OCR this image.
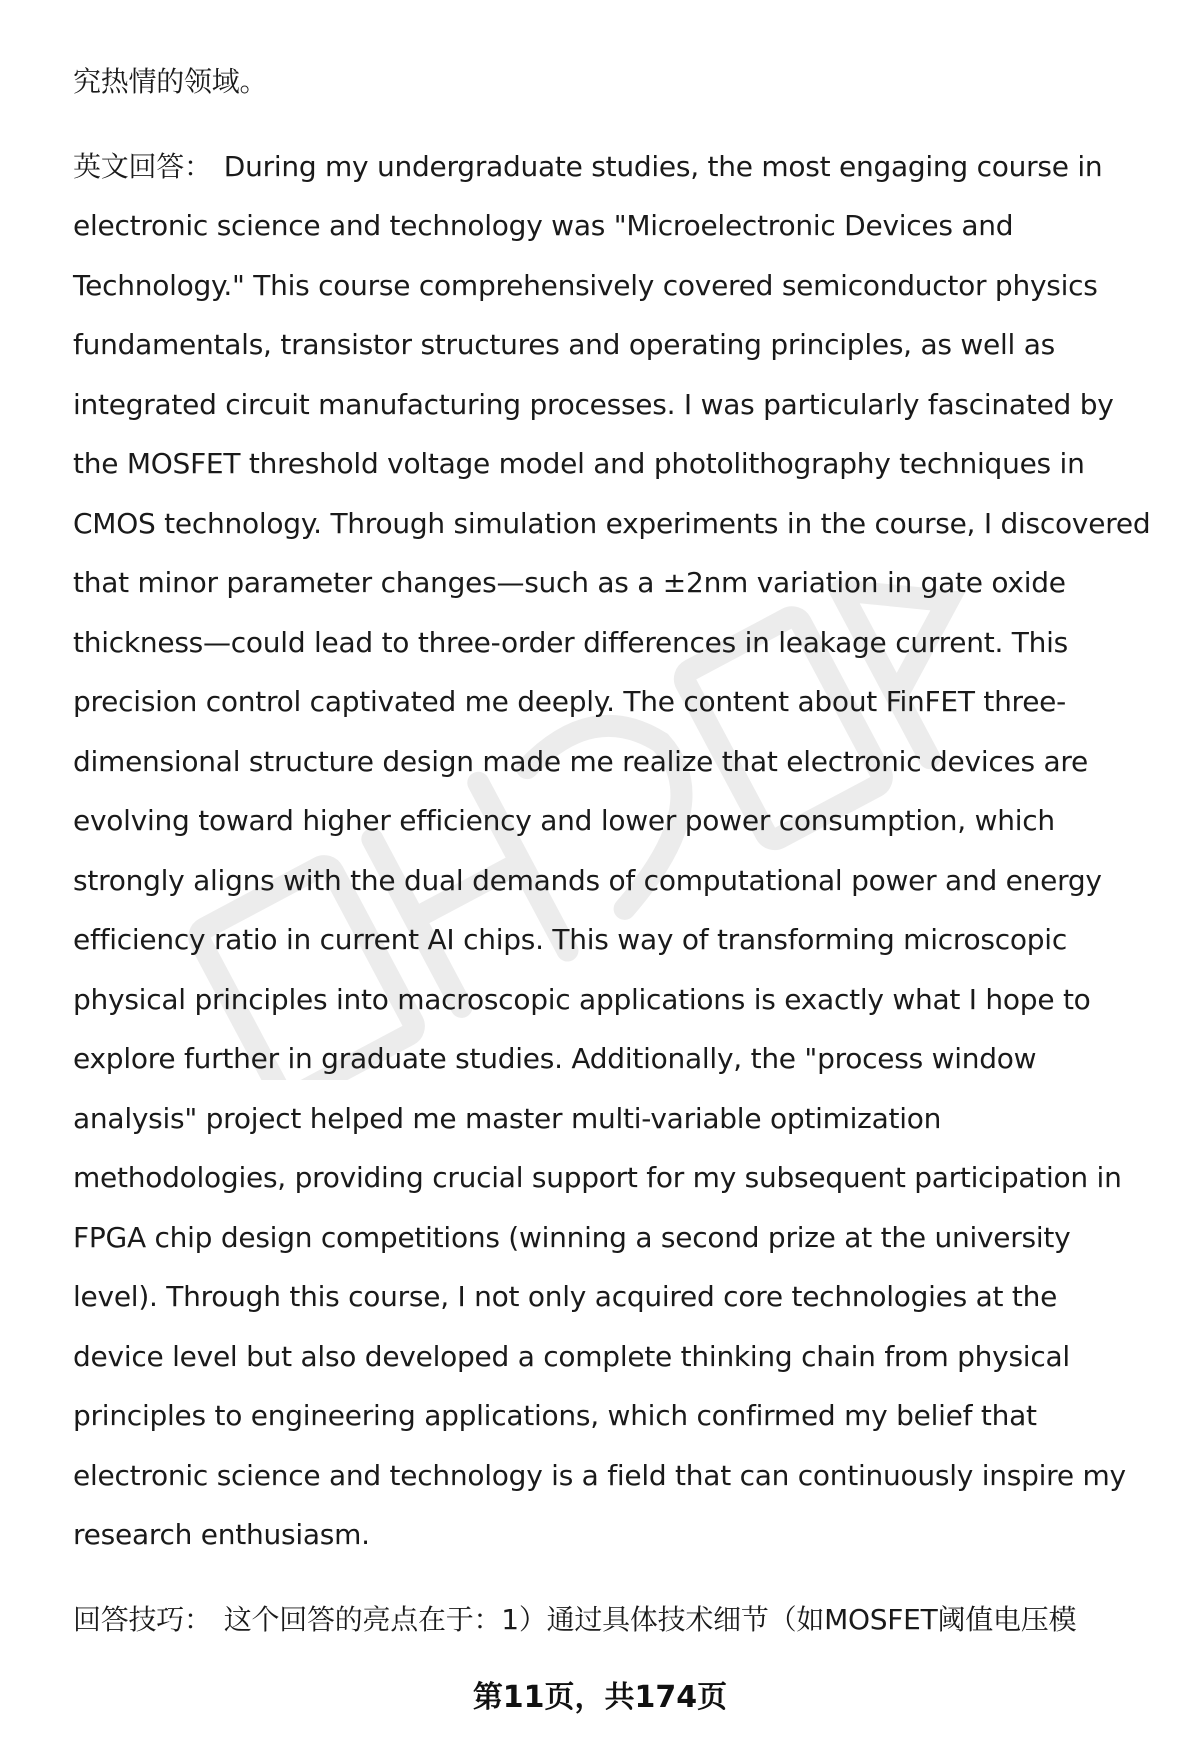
究热情的领域。

英文回答： During my undergraduate studies, the most engaging course in electronic science and technology was "Microelectronic Devices and Technology." This course comprehensively covered semiconductor physics fundamentals, transistor structures and operating principles, as well as integrated circuit manufacturing processes. I was particularly fascinated by the MOSFET threshold voltage model and photolithography techniques in CMOS technology. Through simulation experiments in the course, I discovered that minor parameter changes—such as a ±2nm variation in gate oxide thickness—could lead to three-order differences in leakage current. This precision control captivated me deeply. The content about FinFET three-dimensional structure design made me realize that electronic devices are evolving toward higher efficiency and lower power consumption, which strongly aligns with the dual demands of computational power and energy efficiency ratio in current AI chips. This way of transforming microscopic physical principles into macroscopic applications is exactly what I hope to explore further in graduate studies. Additionally, the "process window analysis" project helped me master multi-variable optimization methodologies, providing crucial support for my subsequent participation in FPGA chip design competitions (winning a second prize at the university level). Through this course, I not only acquired core technologies at the device level but also developed a complete thinking chain from physical principles to engineering applications, which confirmed my belief that electronic science and technology is a field that can continuously inspire my research enthusiasm.

回答技巧： 这个回答的亮点在于：1）通过具体技术细节（如MOSFET阈值电压模

第11页，共174页
